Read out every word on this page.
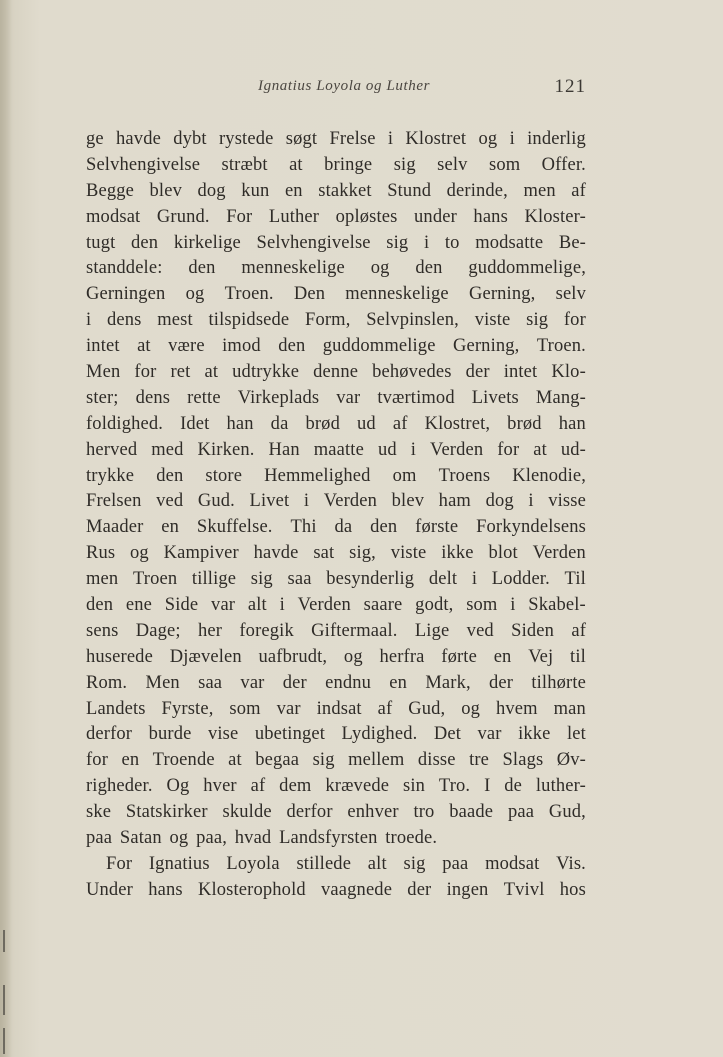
Ignatius Loyola og Luther	121
ge havde dybt rystede søgt Frelse i Klostret og i inderlig
Selvhengivelse stræbt at bringe sig selv som Offer.
Begge blev dog kun en stakket Stund derinde, men af
modsat Grund. For Luther opløstes under hans Kloster-
tugt den kirkelige Selvhengivelse sig i to modsatte Be-
standdele: den menneskelige og den guddommelige,
Gerningen og Troen. Den menneskelige Gerning, selv
i dens mest tilspidsede Form, Selvpinslen, viste sig for
intet at være imod den guddommelige Gerning, Troen.
Men for ret at udtrykke denne behøvedes der intet Klo-
ster; dens rette Virkeplads var tværtimod Livets Mang-
foldighed. Idet han da brød ud af Klostret, brød han
herved med Kirken. Han maatte ud i Verden for at ud-
trykke den store Hemmelighed om Troens Klenodie,
Frelsen ved Gud. Livet i Verden blev ham dog i visse
Maader en Skuffelse. Thi da den første Forkyndelsens
Rus og Kampiver havde sat sig, viste ikke blot Verden
men Troen tillige sig saa besynderlig delt i Lodder. Til
den ene Side var alt i Verden saare godt, som i Skabel-
sens Dage; her foregik Giftermaal. Lige ved Siden af
huserede Djævelen uafbrudt, og herfra førte en Vej til
Rom. Men saa var der endnu en Mark, der tilhørte
Landets Fyrste, som var indsat af Gud, og hvem man
derfor burde vise ubetinget Lydighed. Det var ikke let
for en Troende at begaa sig mellem disse tre Slags Øv-
righeder. Og hver af dem krævede sin Tro. I de luther-
ske Statskirker skulde derfor enhver tro baade paa Gud,
paa Satan og paa, hvad Landsfyrsten troede.
For Ignatius Loyola stillede alt sig paa modsat Vis.
Under hans Klosterophold vaagnede der ingen Tvivl hos
